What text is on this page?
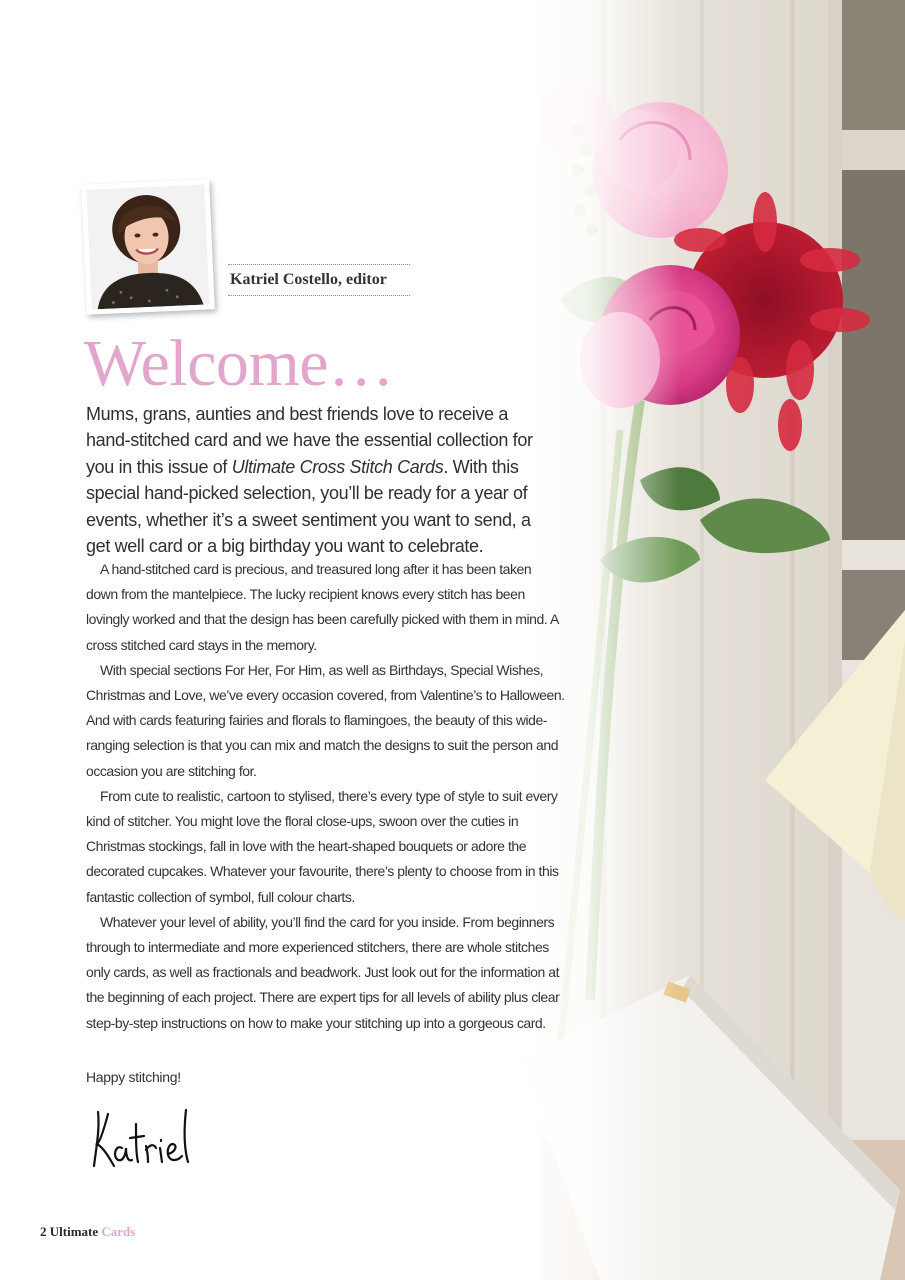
Katriel Costello, editor
Welcome…

Mums, grans, aunties and best friends love to receive a hand-stitched card and we have the essential collection for you in this issue of Ultimate Cross Stitch Cards. With this special hand-picked selection, you’ll be ready for a year of events, whether it’s a sweet sentiment you want to send, a get well card or a big birthday you want to celebrate.

A hand-stitched card is precious, and treasured long after it has been taken down from the mantelpiece. The lucky recipient knows every stitch has been lovingly worked and that the design has been carefully picked with them in mind. A cross stitched card stays in the memory.

With special sections For Her, For Him, as well as Birthdays, Special Wishes, Christmas and Love, we’ve every occasion covered, from Valentine’s to Halloween. And with cards featuring fairies and florals to flamingoes, the beauty of this wide-ranging selection is that you can mix and match the designs to suit the person and occasion you are stitching for.

From cute to realistic, cartoon to stylised, there’s every type of style to suit every kind of stitcher. You might love the floral close-ups, swoon over the cuties in Christmas stockings, fall in love with the heart-shaped bouquets or adore the decorated cupcakes. Whatever your favourite, there’s plenty to choose from in this fantastic collection of symbol, full colour charts.

Whatever your level of ability, you’ll find the card for you inside. From beginners through to intermediate and more experienced stitchers, there are whole stitches only cards, as well as fractionals and beadwork. Just look out for the information at the beginning of each project. There are expert tips for all levels of ability plus clear step-by-step instructions on how to make your stitching up into a gorgeous card.

Happy stitching!

2 Ultimate Cards
